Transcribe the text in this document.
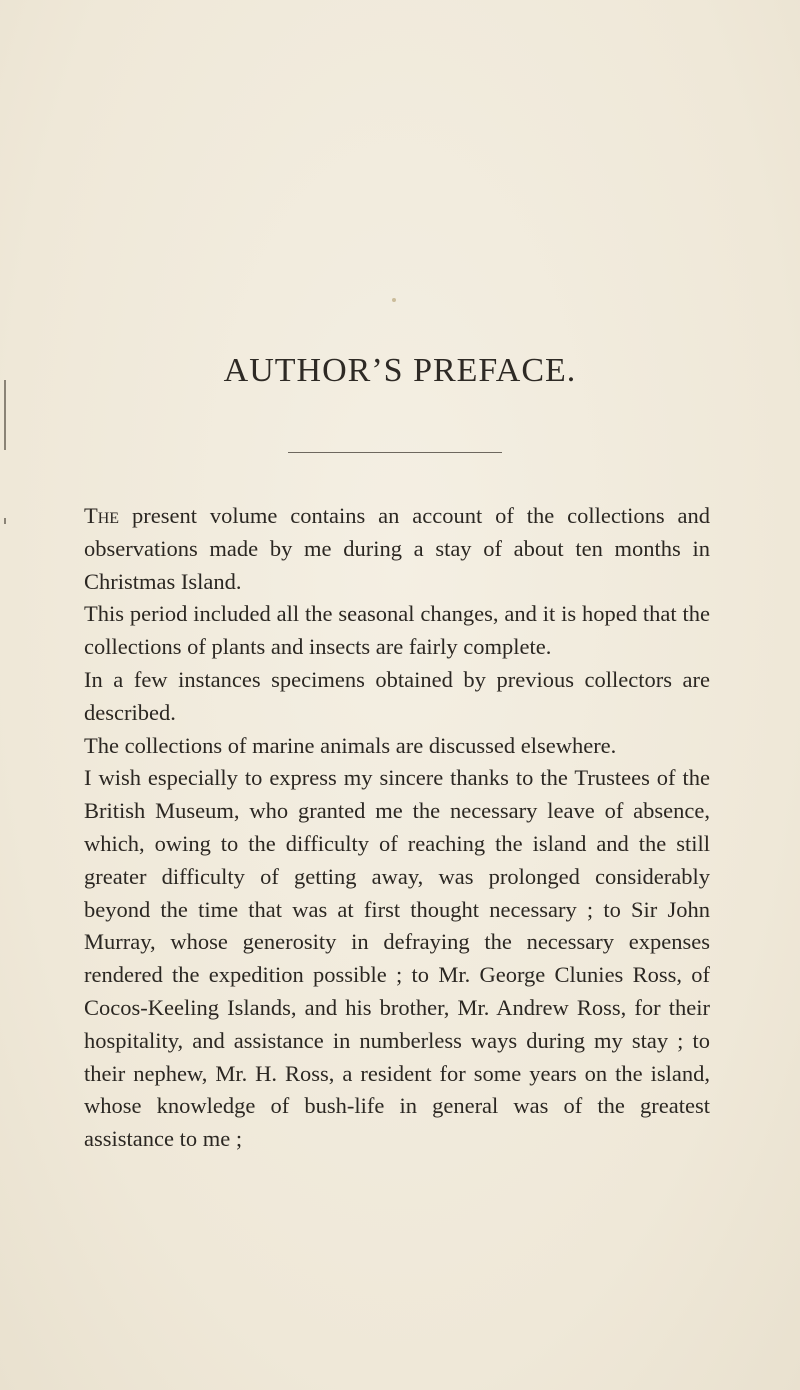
AUTHOR’S PREFACE.

The present volume contains an account of the collections and observations made by me during a stay of about ten months in Christmas Island.

This period included all the seasonal changes, and it is hoped that the collections of plants and insects are fairly complete.

In a few instances specimens obtained by previous collectors are described.

The collections of marine animals are discussed elsewhere.

I wish especially to express my sincere thanks to the Trustees of the British Museum, who granted me the necessary leave of absence, which, owing to the difficulty of reaching the island and the still greater difficulty of getting away, was prolonged considerably beyond the time that was at first thought necessary ; to Sir John Murray, whose generosity in defraying the necessary expenses rendered the expedition possible ; to Mr. George Clunies Ross, of Cocos-Keeling Islands, and his brother, Mr. Andrew Ross, for their hospitality, and assistance in numberless ways during my stay ; to their nephew, Mr. H. Ross, a resident for some years on the island, whose knowledge of bush-life in general was of the greatest assistance to me ;
